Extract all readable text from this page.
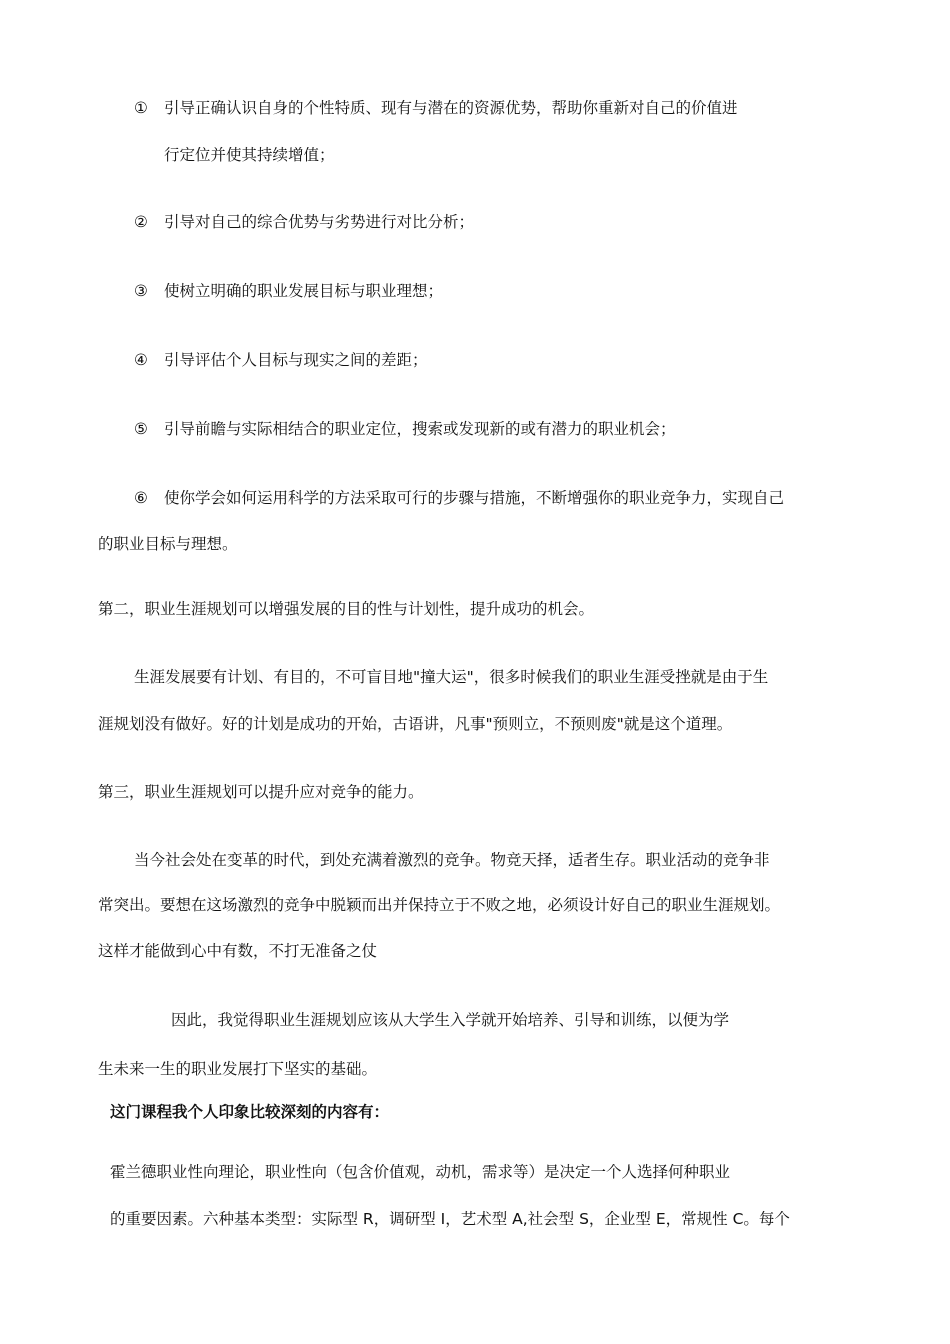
① 引导正确认识自身的个性特质、现有与潜在的资源优势，帮助你重新对自己的价值进

行定位并使其持续增值；

② 引导对自己的综合优势与劣势进行对比分析；

③ 使树立明确的职业发展目标与职业理想；

④ 引导评估个人目标与现实之间的差距；

⑤ 引导前瞻与实际相结合的职业定位，搜索或发现新的或有潜力的职业机会；

⑥ 使你学会如何运用科学的方法采取可行的步骤与措施，不断增强你的职业竞争力，实现自己

的职业目标与理想。

第二，职业生涯规划可以增强发展的目的性与计划性，提升成功的机会。

生涯发展要有计划、有目的，不可盲目地"撞大运"，很多时候我们的职业生涯受挫就是由于生

涯规划没有做好。好的计划是成功的开始，古语讲，凡事"预则立，不预则废"就是这个道理。

第三，职业生涯规划可以提升应对竞争的能力。

当今社会处在变革的时代，到处充满着激烈的竞争。物竞天择，适者生存。职业活动的竞争非

常突出。要想在这场激烈的竞争中脱颖而出并保持立于不败之地，必须设计好自己的职业生涯规划。

这样才能做到心中有数，不打无准备之仗

因此，我觉得职业生涯规划应该从大学生入学就开始培养、引导和训练，以便为学

生未来一生的职业发展打下坚实的基础。

这门课程我个人印象比较深刻的内容有：

霍兰德职业性向理论，职业性向（包含价值观，动机，需求等）是决定一个人选择何种职业

的重要因素。六种基本类型：实际型 R，调研型 I，艺术型 A,社会型 S，企业型 E，常规性 C。每个
